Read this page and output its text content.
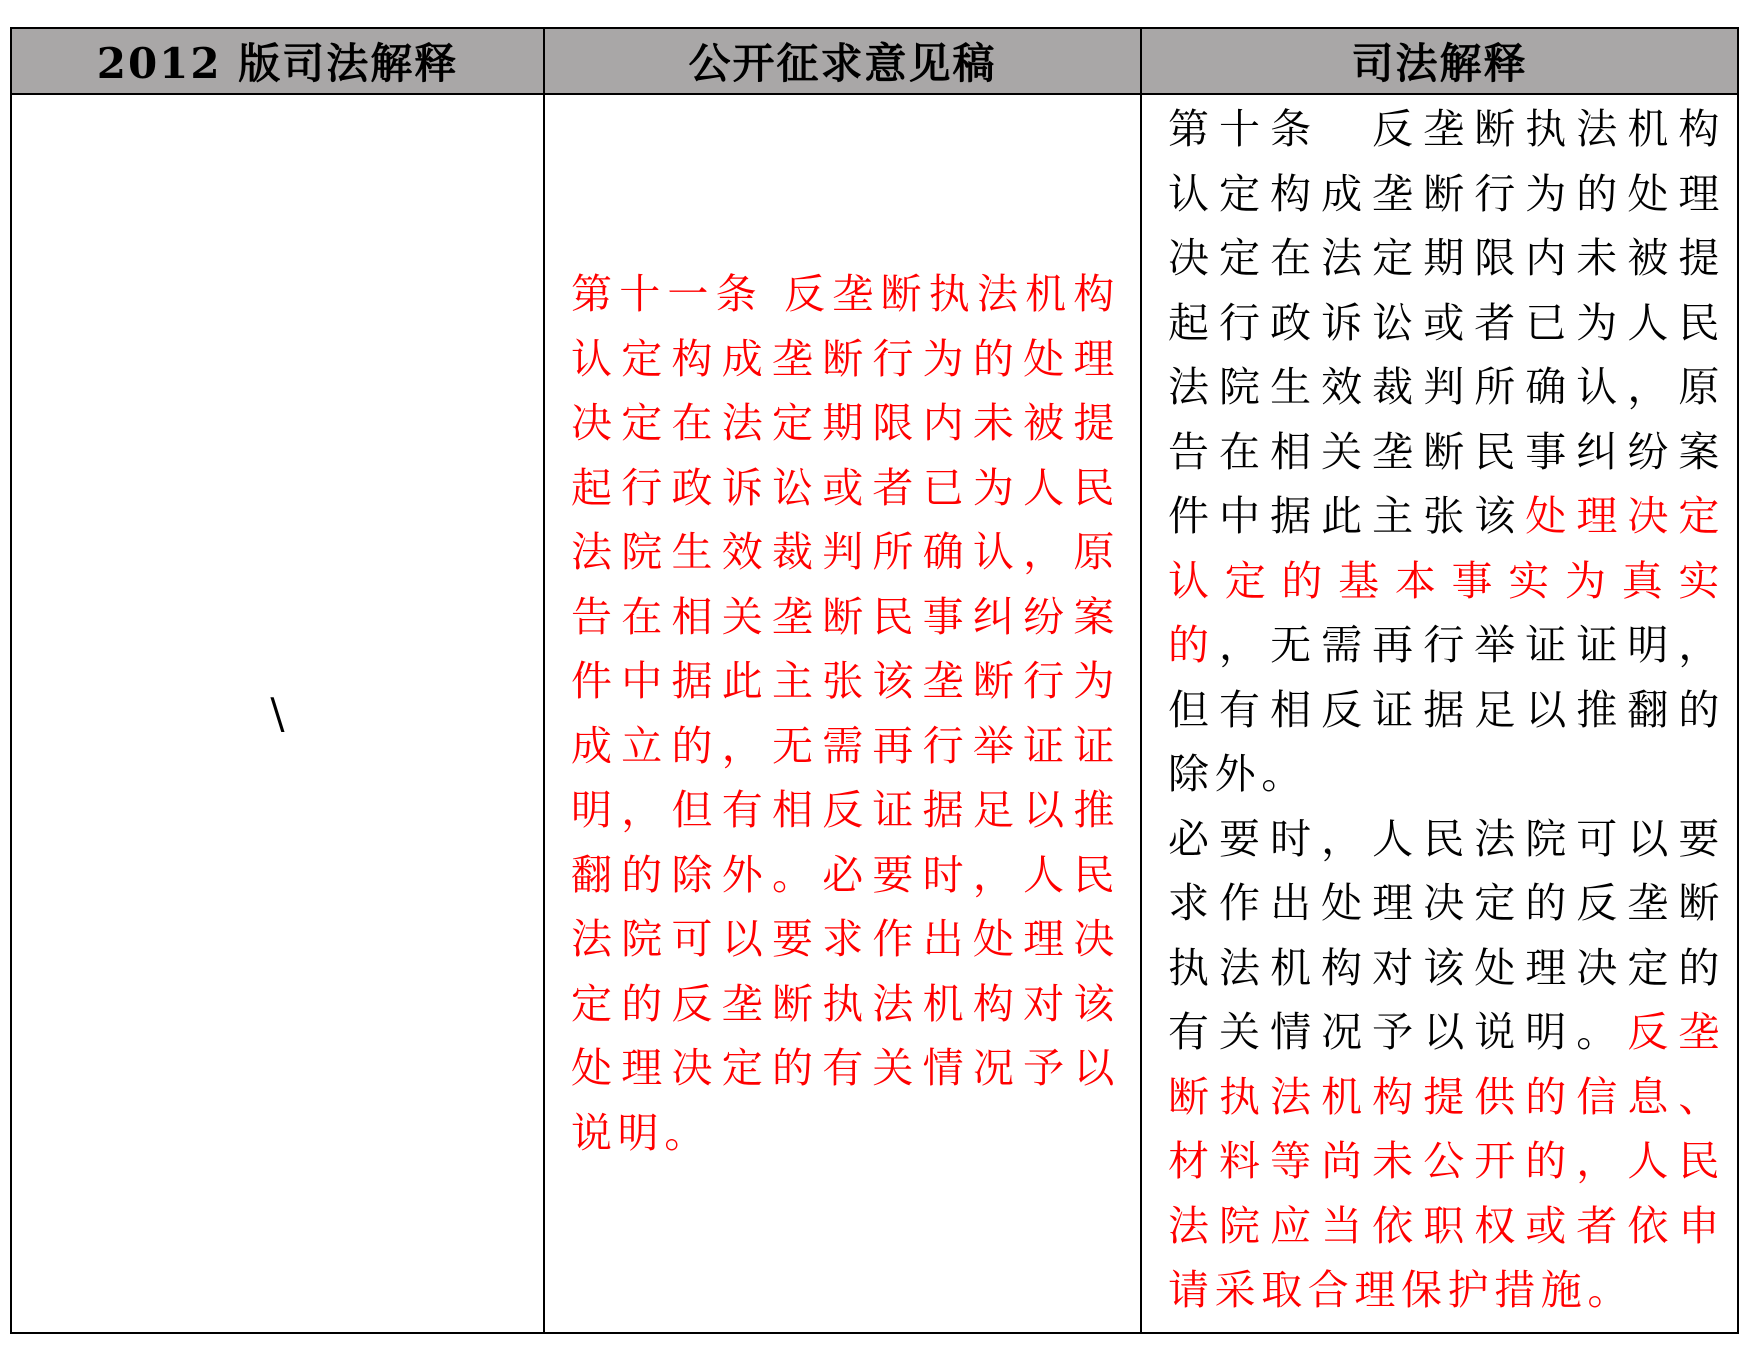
2012 版司法解释	公开征求意见稿	司法解释
\	第十一条 反垄断执法机构认定构成垄断行为的处理决定在法定期限内未被提起行政诉讼或者已为人民法院生效裁判所确认，原告在相关垄断民事纠纷案件中据此主张该垄断行为成立的，无需再行举证证明，但有相反证据足以推翻的除外。必要时，人民法院可以要求作出处理决定的反垄断执法机构对该处理决定的有关情况予以说明。	第十条　反垄断执法机构认定构成垄断行为的处理决定在法定期限内未被提起行政诉讼或者已为人民法院生效裁判所确认，原告在相关垄断民事纠纷案件中据此主张该处理决定认定的基本事实为真实的，无需再行举证证明，但有相反证据足以推翻的除外。
必要时，人民法院可以要求作出处理决定的反垄断执法机构对该处理决定的有关情况予以说明。反垄断执法机构提供的信息、材料等尚未公开的，人民法院应当依职权或者依申请采取合理保护措施。
